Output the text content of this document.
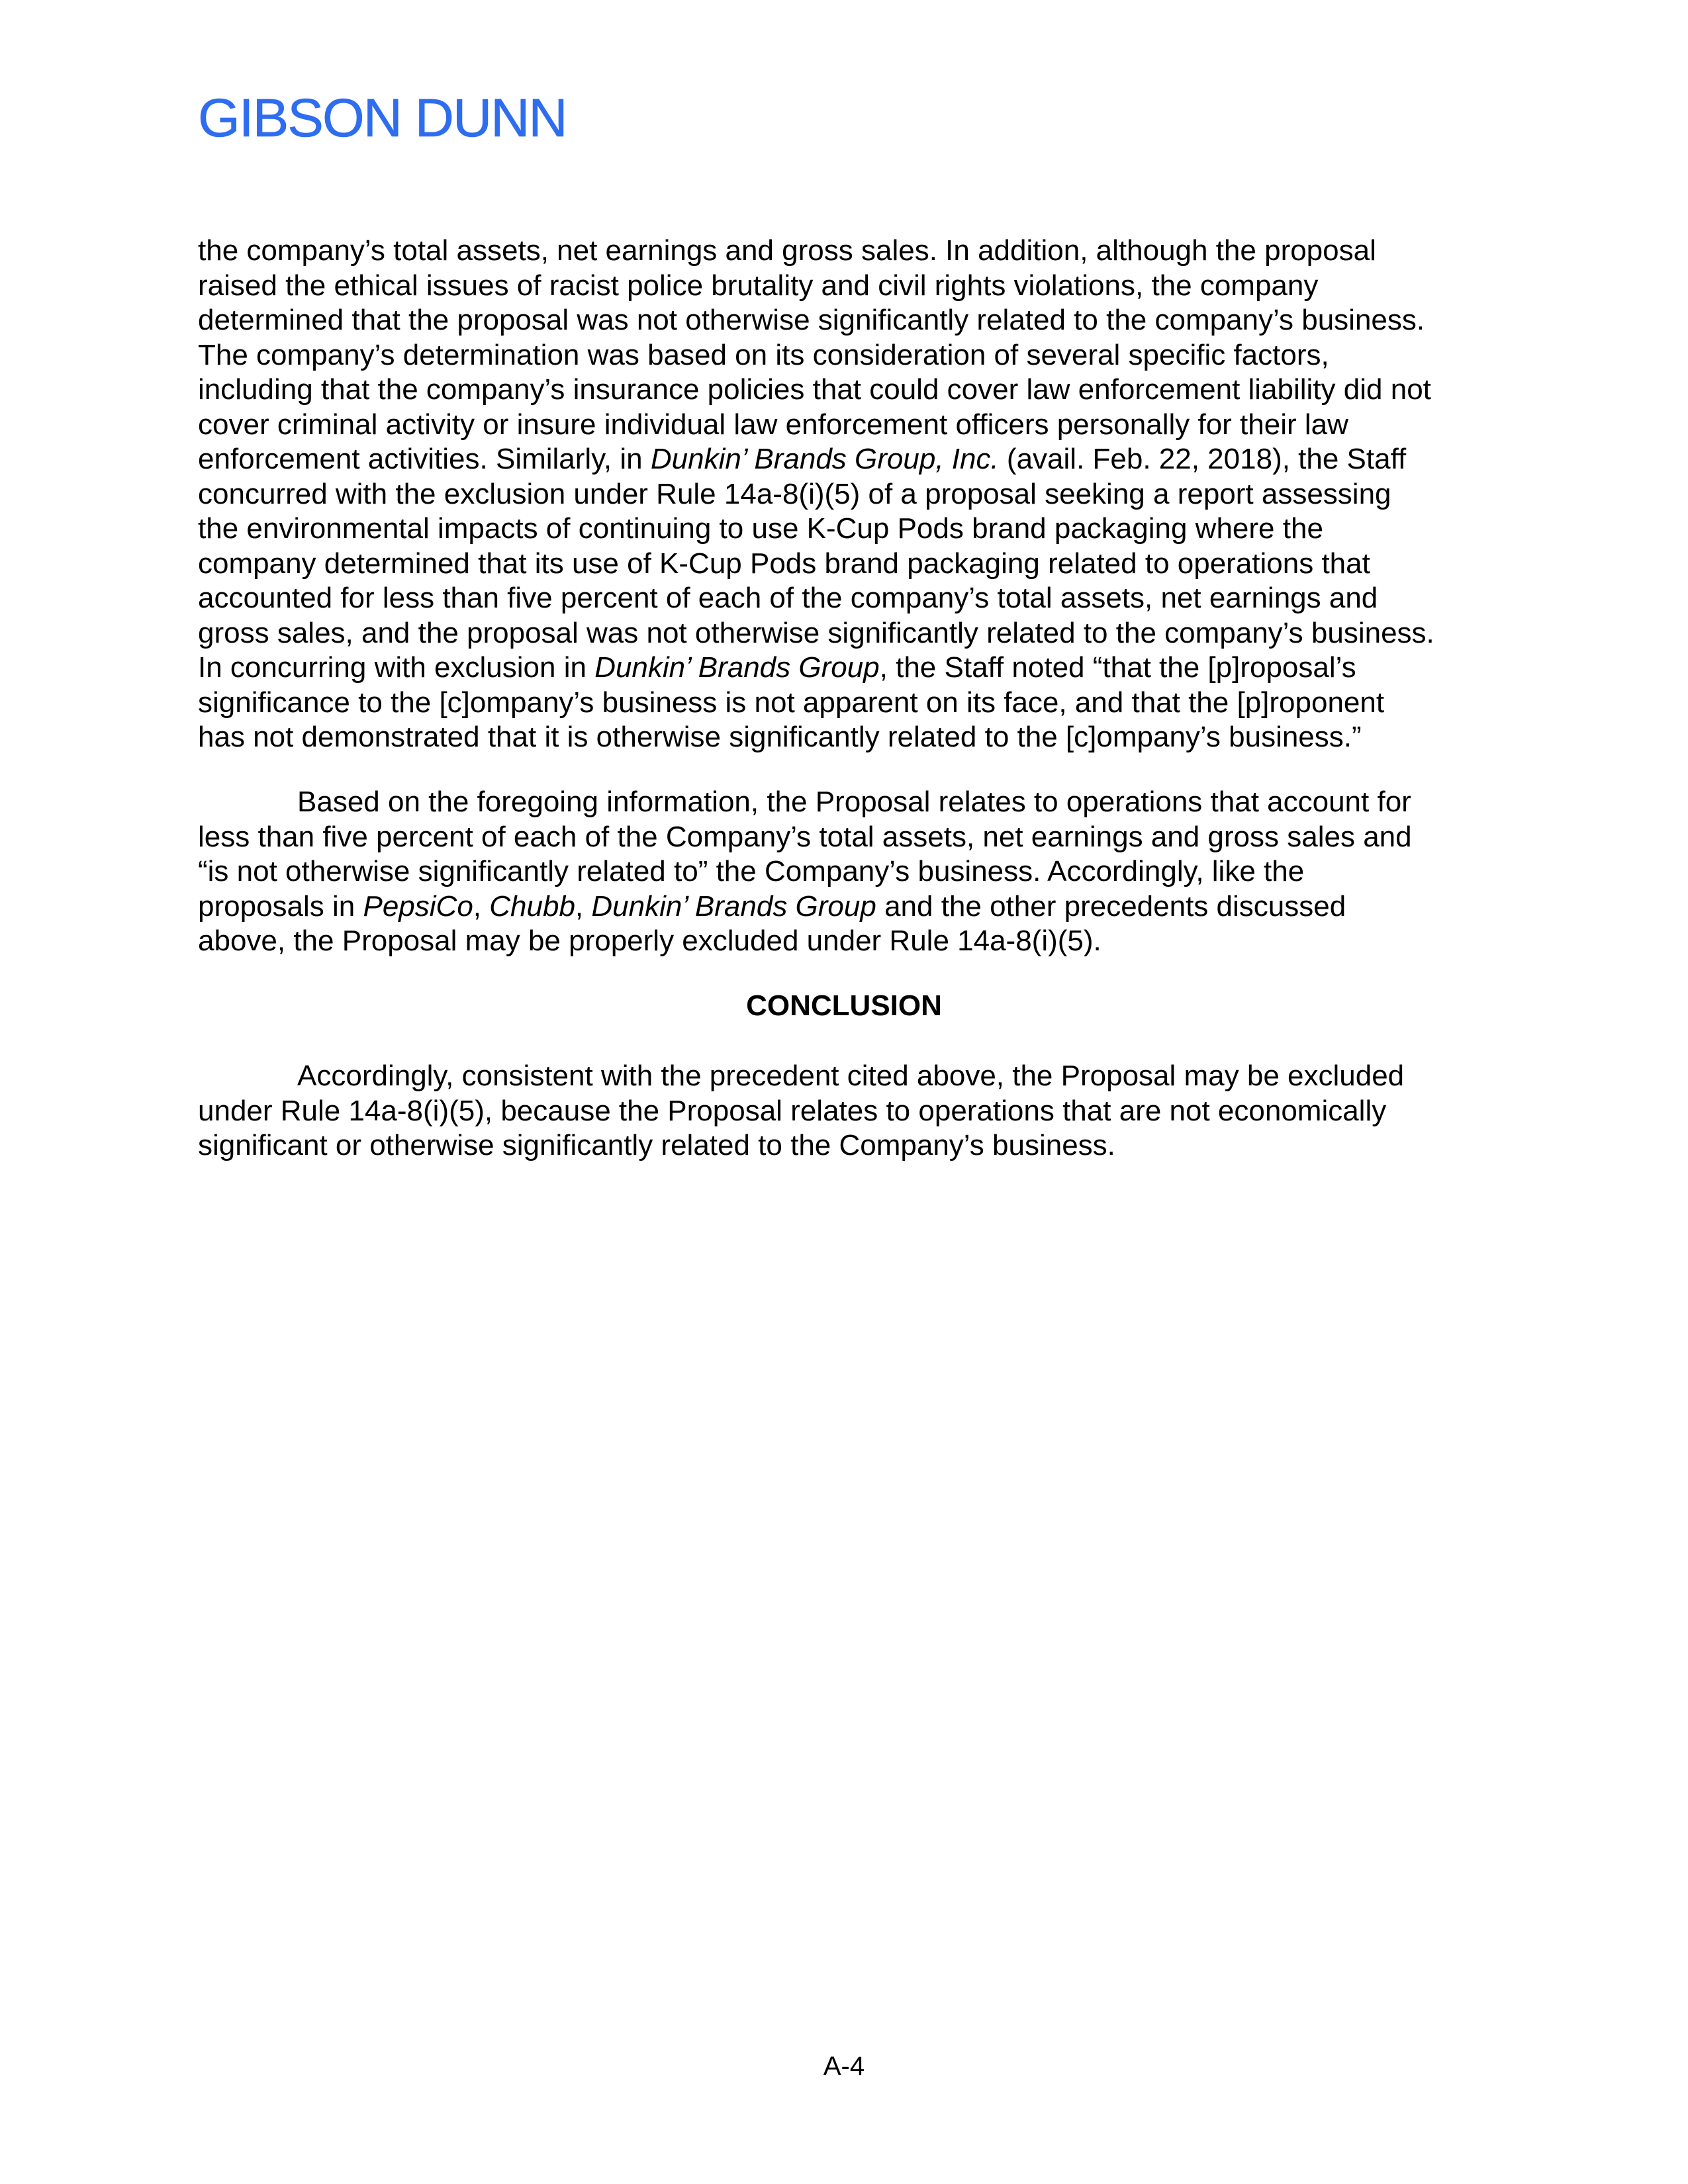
GIBSON DUNN
the company’s total assets, net earnings and gross sales. In addition, although the proposal
raised the ethical issues of racist police brutality and civil rights violations, the company
determined that the proposal was not otherwise significantly related to the company’s business.
The company’s determination was based on its consideration of several specific factors,
including that the company’s insurance policies that could cover law enforcement liability did not
cover criminal activity or insure individual law enforcement officers personally for their law
enforcement activities. Similarly, in Dunkin’ Brands Group, Inc. (avail. Feb. 22, 2018), the Staff
concurred with the exclusion under Rule 14a-8(i)(5) of a proposal seeking a report assessing
the environmental impacts of continuing to use K-Cup Pods brand packaging where the
company determined that its use of K-Cup Pods brand packaging related to operations that
accounted for less than five percent of each of the company’s total assets, net earnings and
gross sales, and the proposal was not otherwise significantly related to the company’s business.
In concurring with exclusion in Dunkin’ Brands Group, the Staff noted “that the [p]roposal’s
significance to the [c]ompany’s business is not apparent on its face, and that the [p]roponent
has not demonstrated that it is otherwise significantly related to the [c]ompany’s business.”
Based on the foregoing information, the Proposal relates to operations that account for
less than five percent of each of the Company’s total assets, net earnings and gross sales and
“is not otherwise significantly related to” the Company’s business. Accordingly, like the
proposals in PepsiCo, Chubb, Dunkin’ Brands Group and the other precedents discussed
above, the Proposal may be properly excluded under Rule 14a-8(i)(5).
CONCLUSION
Accordingly, consistent with the precedent cited above, the Proposal may be excluded
under Rule 14a-8(i)(5), because the Proposal relates to operations that are not economically
significant or otherwise significantly related to the Company’s business.
A-4
